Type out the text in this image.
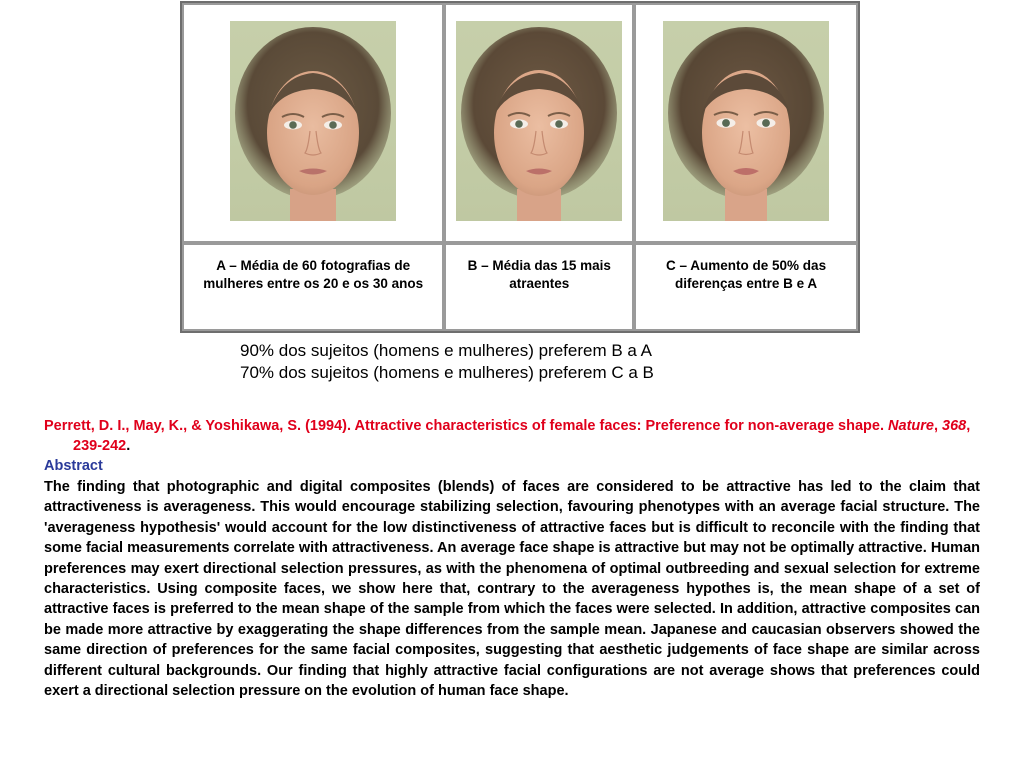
A – Média de 60 fotografias de mulheres entre os 20 e os 30 anos	B – Média das 15 mais atraentes	C – Aumento de 50% das diferenças entre B e A
90% dos sujeitos (homens e mulheres) preferem B a A
70% dos sujeitos (homens e mulheres) preferem C a B
Perrett, D. I., May, K., & Yoshikawa, S. (1994). Attractive characteristics of female faces: Preference for non-average shape. Nature, 368, 239-242.
Abstract
The finding that photographic and digital composites (blends) of faces are considered to be attractive has led to the claim that attractiveness is averageness. This would encourage stabilizing selection, favouring phenotypes with an average facial structure. The 'averageness hypothesis' would account for the low distinctiveness of attractive faces but is difficult to reconcile with the finding that some facial measurements correlate with attractiveness. An average face shape is attractive but may not be optimally attractive. Human preferences may exert directional selection pressures, as with the phenomena of optimal outbreeding and sexual selection for extreme characteristics. Using composite faces, we show here that, contrary to the averageness hypothes is, the mean shape of a set of attractive faces is preferred to the mean shape of the sample from which the faces were selected. In addition, attractive composites can be made more attractive by exaggerating the shape differences from the sample mean. Japanese and caucasian observers showed the same direction of preferences for the same facial composites, suggesting that aesthetic judgements of face shape are similar across different cultural backgrounds. Our finding that highly attractive facial configurations are not average shows that preferences could exert a directional selection pressure on the evolution of human face shape.
